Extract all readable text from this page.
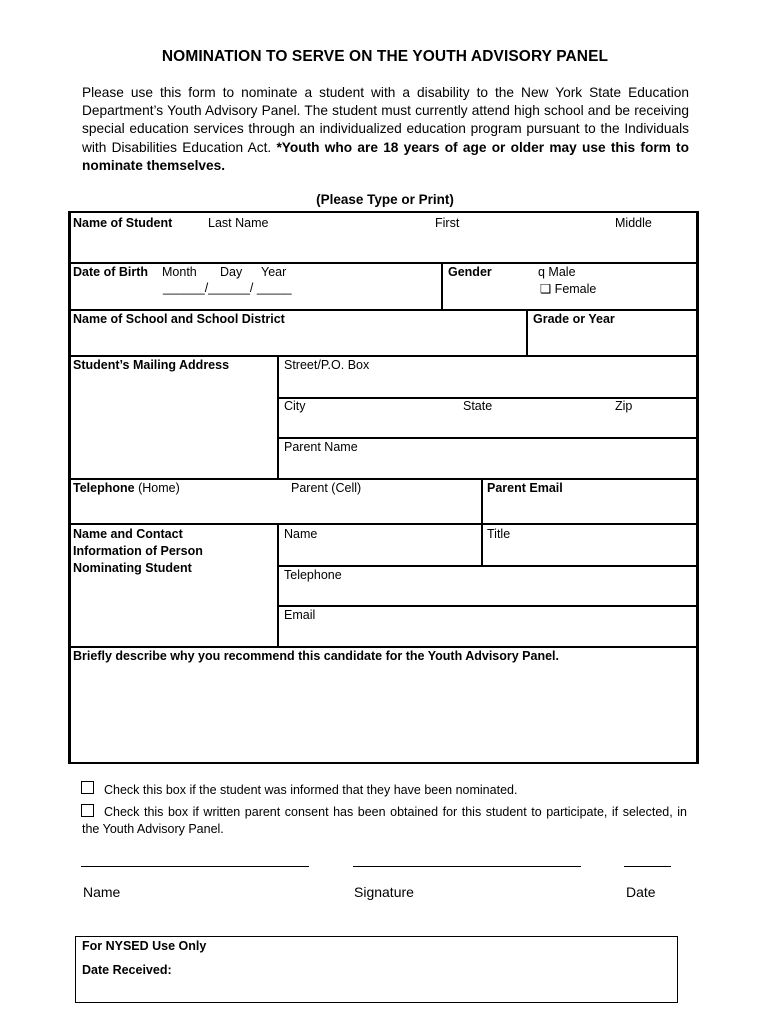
NOMINATION TO SERVE ON THE YOUTH ADVISORY PANEL
Please use this form to nominate a student with a disability to the New York State Education Department’s Youth Advisory Panel. The student must currently attend high school and be receiving special education services through an individualized education program pursuant to the Individuals with Disabilities Education Act. *Youth who are 18 years of age or older may use this form to nominate themselves.
(Please Type or Print)
Name of Student	Last Name	First	Middle
Date of Birth Month Day Year
______/______/ _____
Gender	q Male
❑ Female
Name of School and School District	Grade or Year
Student’s Mailing Address	Street/P.O. Box
City	State	Zip
Parent Name
Telephone (Home)	Parent (Cell)	Parent Email
Name and Contact
Information of Person
Nominating Student
Name	Title
Telephone
Email
Briefly describe why you recommend this candidate for the Youth Advisory Panel.
Check this box if the student was informed that they have been nominated.
Check this box if written parent consent has been obtained for this student to participate, if selected, in the Youth Advisory Panel.
Name	Signature	Date
For NYSED Use Only
Date Received:
